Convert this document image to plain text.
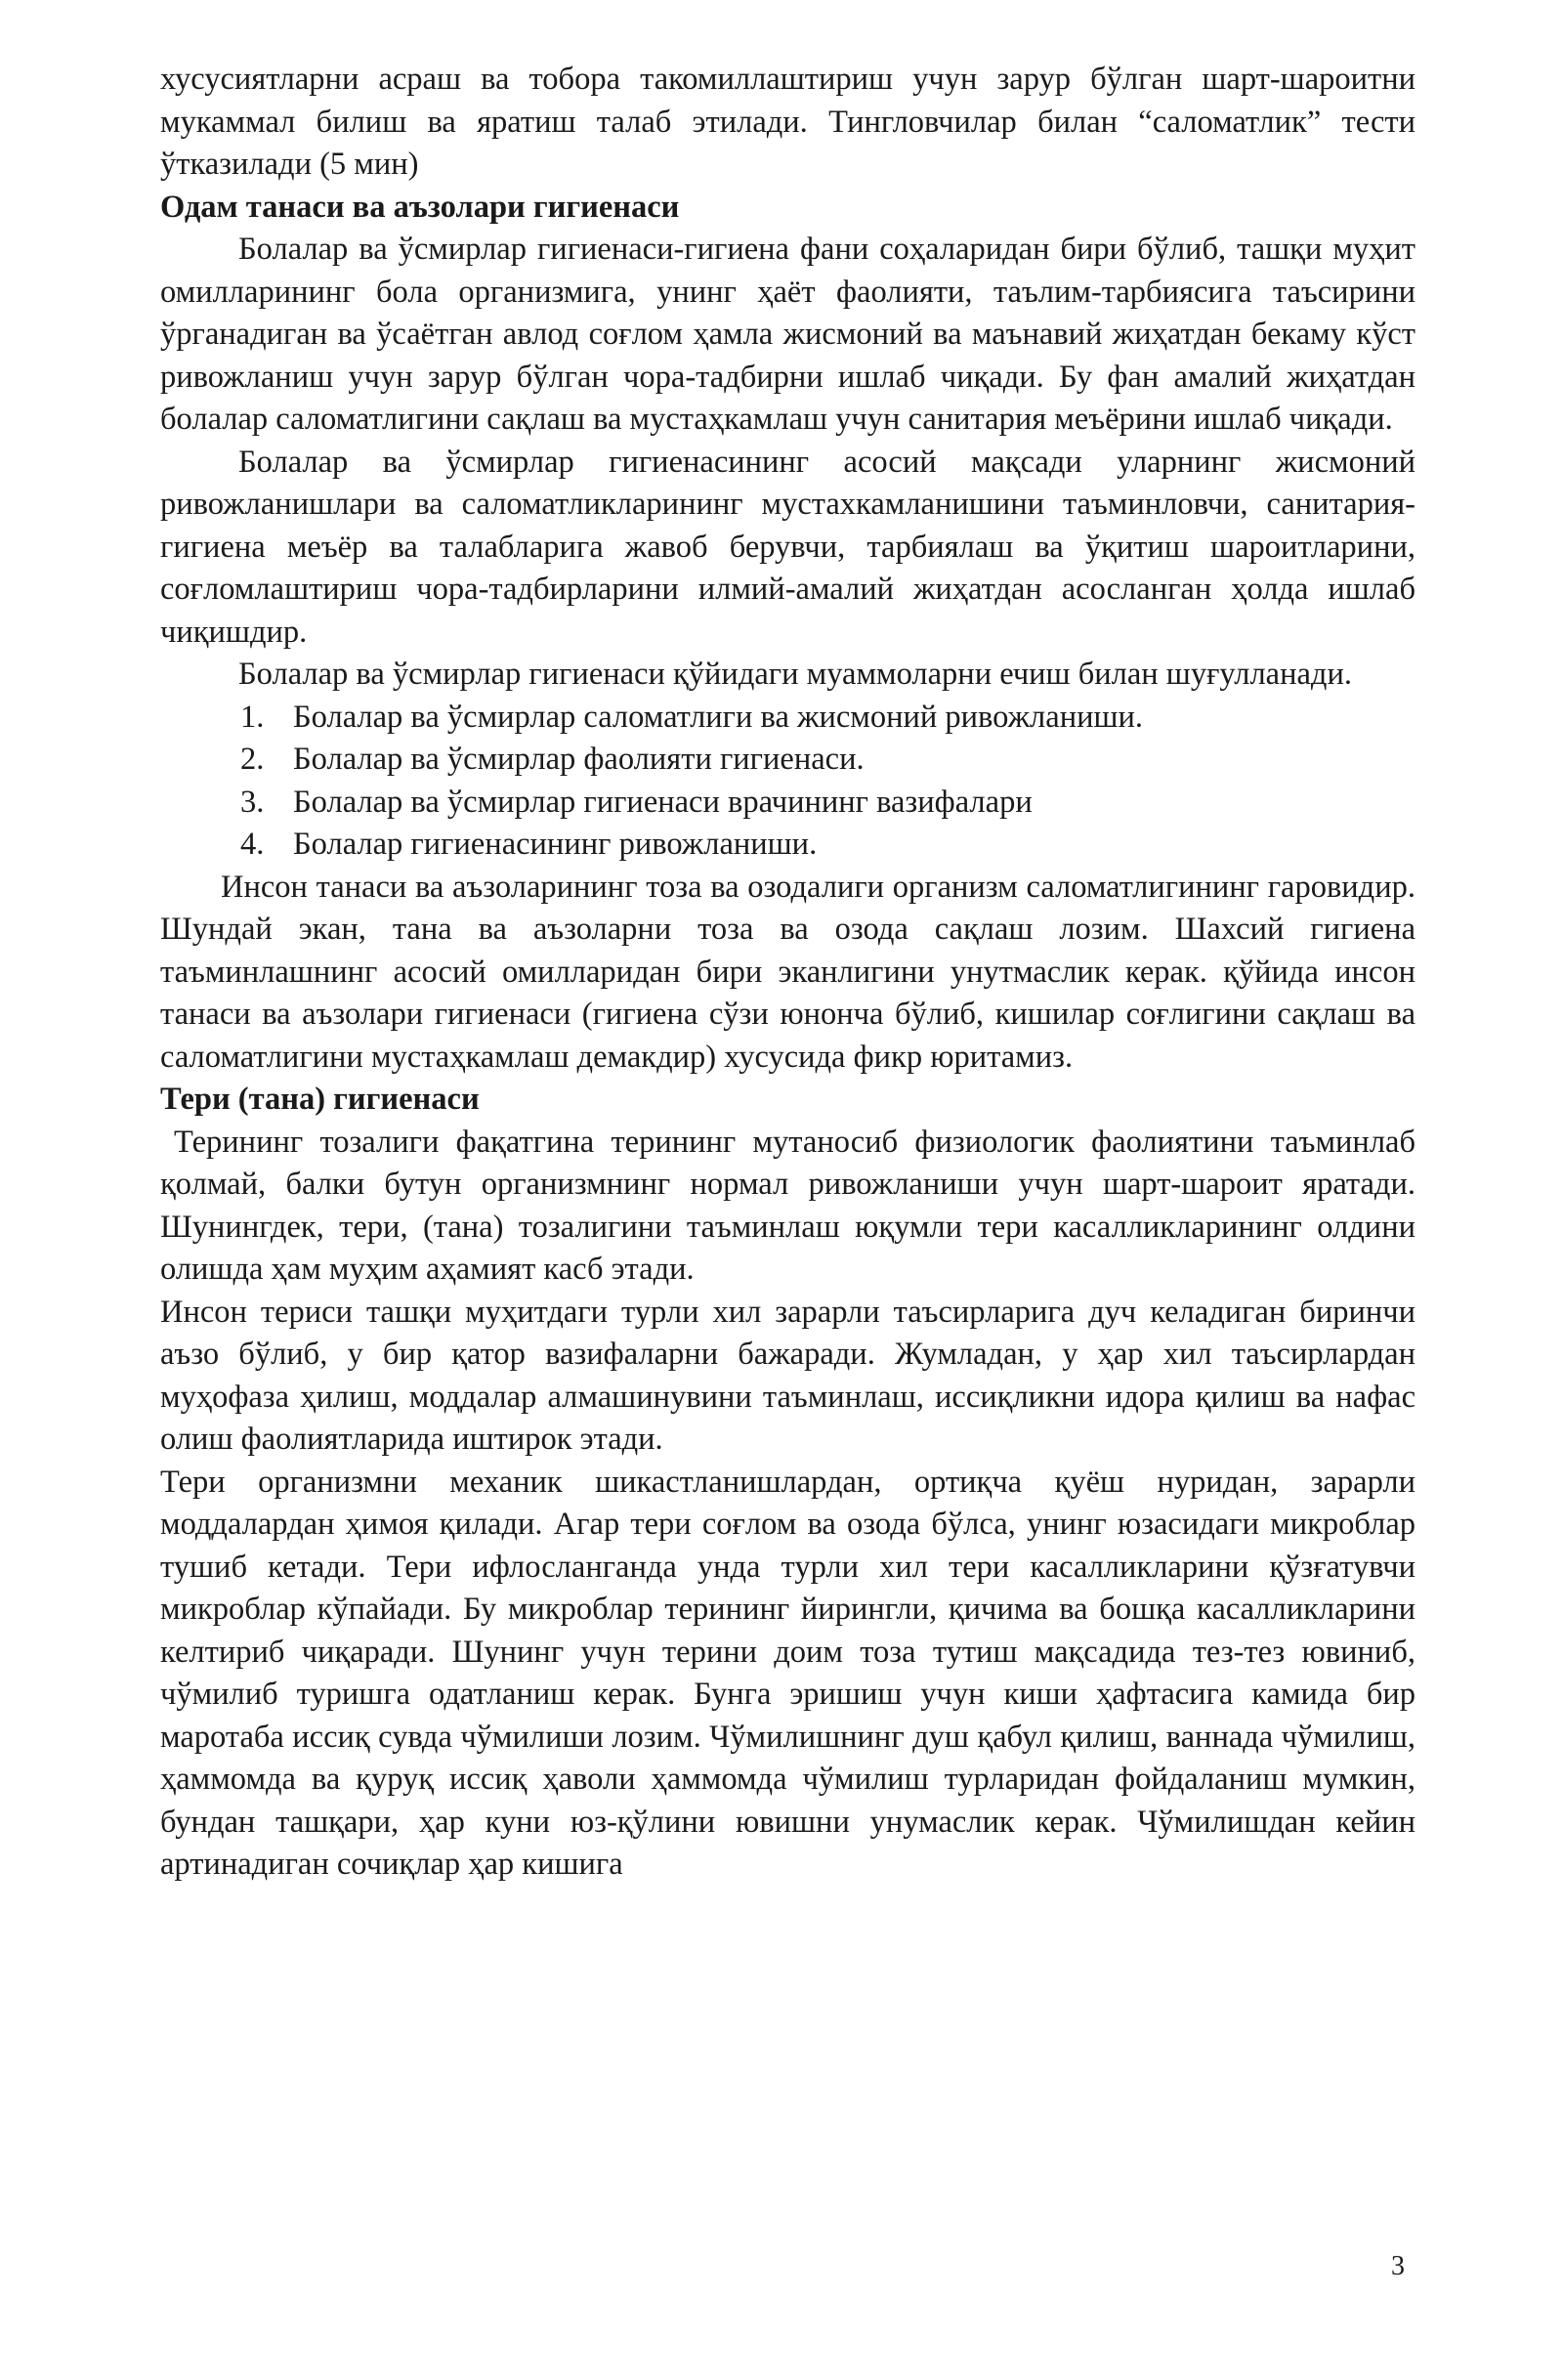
хусусиятларни асраш ва тобора такомиллаштириш учун зарур бўлган шарт-шароитни мукаммал билиш ва яратиш талаб этилади. Тингловчилар билан “саломатлик” тести ўтказилади (5 мин)

Одам танаси ва аъзолари гигиенаси

Болалар ва ўсмирлар гигиенаси-гигиена фани соҳаларидан бири бўлиб, ташқи муҳит омилларининг бола организмига, унинг ҳаёт фаолияти, таълим-тарбиясига таъсирини ўрганадиган ва ўсаётган авлод соғлом ҳамла жисмоний ва маънавий жиҳатдан бекаму кўст ривожланиш учун зарур бўлган чора-тадбирни ишлаб чиқади. Бу фан амалий жиҳатдан болалар саломатлигини сақлаш ва мустаҳкамлаш учун санитария меъёрини ишлаб чиқади.

Болалар ва ўсмирлар гигиенасининг асосий мақсади уларнинг жисмоний ривожланишлари ва саломатликларининг мустахкамланишини таъминловчи, санитария-гигиена меъёр ва талабларига жавоб берувчи, тарбиялаш ва ўқитиш шароитларини, соғломлаштириш чора-тадбирларини илмий-амалий жиҳатдан асосланган ҳолда ишлаб чиқишдир.

Болалар ва ўсмирлар гигиенаси қўйидаги муаммоларни ечиш билан шуғулланади.

1. Болалар ва ўсмирлар саломатлиги ва жисмоний ривожланиши.
2. Болалар ва ўсмирлар фаолияти гигиенаси.
3. Болалар ва ўсмирлар гигиенаси врачининг вазифалари
4. Болалар гигиенасининг ривожланиши.

Инсон танаси ва аъзоларининг тоза ва озодалиги организм саломатлигининг гаровидир. Шундай экан, тана ва аъзоларни тоза ва озода сақлаш лозим. Шахсий гигиена таъминлашнинг асосий омилларидан бири эканлигини унутмаслик керак. қўйида инсон танаси ва аъзолари гигиенаси (гигиена сўзи юнонча бўлиб, кишилар соғлигини сақлаш ва саломатлигини мустаҳкамлаш демакдир) хусусида фикр юритамиз.

Тери (тана) гигиенаси

Терининг тозалиги фақатгина терининг мутаносиб физиологик фаолиятини таъминлаб қолмай, балки бутун организмнинг нормал ривожланиши учун шарт-шароит яратади. Шунингдек, тери, (тана) тозалигини таъминлаш юқумли тери касалликларининг олдини олишда ҳам муҳим аҳамият касб этади.

Инсон териси ташқи муҳитдаги турли хил зарарли таъсирларига дуч келадиган биринчи аъзо бўлиб, у бир қатор вазифаларни бажаради. Жумладан, у ҳар хил таъсирлардан муҳофаза ҳилиш, моддалар алмашинувини таъминлаш, иссиқликни идора қилиш ва нафас олиш фаолиятларида иштирок этади.

Тери организмни механик шикастланишлардан, ортиқча қуёш нуридан, зарарли моддалардан ҳимоя қилади. Агар тери соғлом ва озода бўлса, унинг юзасидаги микроблар тушиб кетади. Тери ифлосланганда унда турли хил тери касалликларини қўзғатувчи микроблар кўпайади. Бу микроблар терининг йирингли, қичима ва бошқа касалликларини келтириб чиқаради. Шунинг учун терини доим тоза тутиш мақсадида тез-тез ювиниб, чўмилиб туришга одатланиш керак. Бунга эришиш учун киши ҳафтасига камида бир маротаба иссиқ сувда чўмилиши лозим. Чўмилишнинг душ қабул қилиш, ваннада чўмилиш, ҳаммомда ва қуруқ иссиқ ҳаволи ҳаммомда чўмилиш турларидан фойдаланиш мумкин, бундан ташқари, ҳар куни юз-қўлини ювишни унумаслик керак. Чўмилишдан кейин артинадиган сочиқлар ҳар кишига

3
